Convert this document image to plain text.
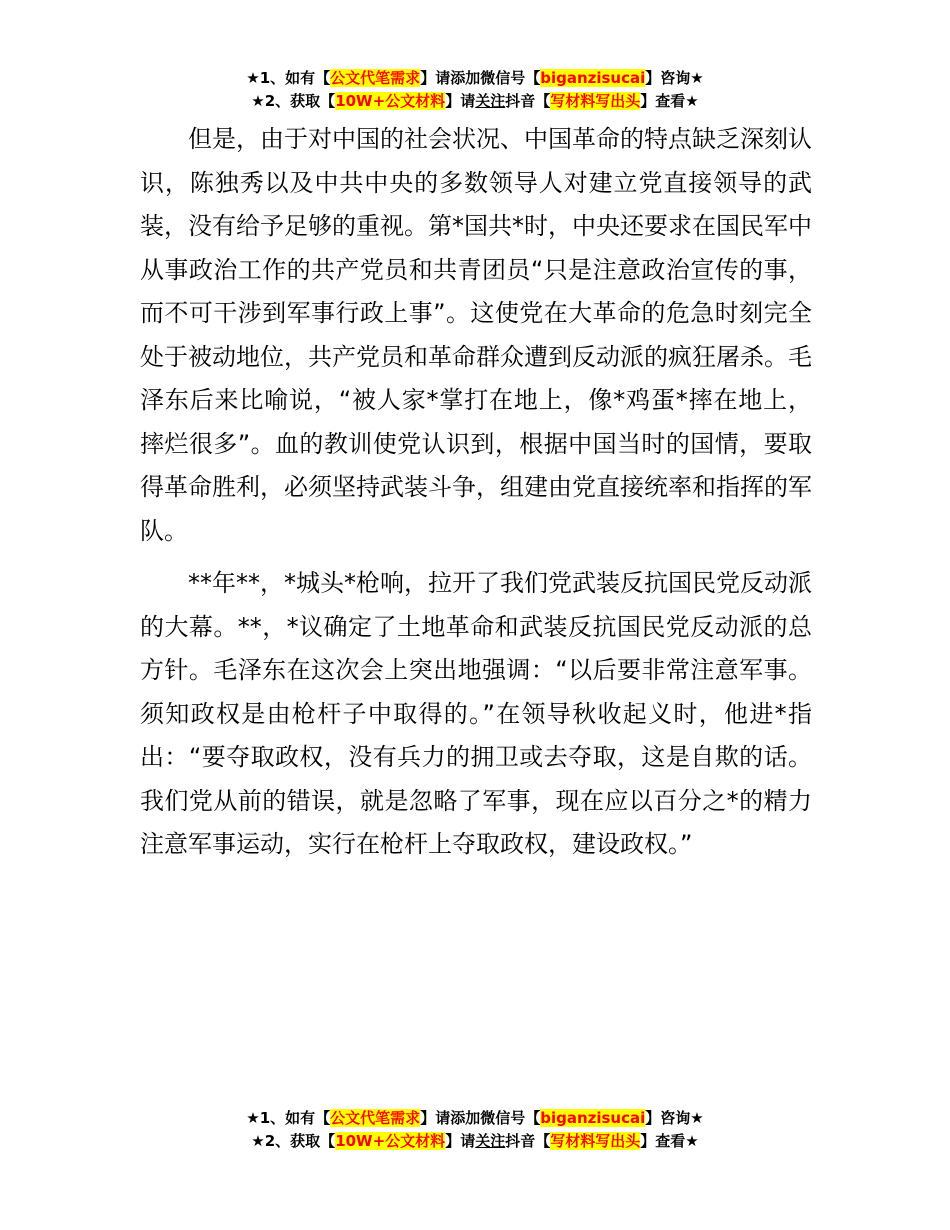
★1、如有【公文代笔需求】请添加微信号【biganzisucai】咨询★
★2、获取【10W+公文材料】请关注抖音【写材料写出头】查看★

但是，由于对中国的社会状况、中国革命的特点缺乏深刻认识，陈独秀以及中共中央的多数领导人对建立党直接领导的武装，没有给予足够的重视。第*国共*时，中央还要求在国民军中从事政治工作的共产党员和共青团员“只是注意政治宣传的事，而不可干涉到军事行政上事”。这使党在大革命的危急时刻完全处于被动地位，共产党员和革命群众遭到反动派的疯狂屠杀。毛泽东后来比喻说，“被人家*掌打在地上，像*鸡蛋*摔在地上，摔烂很多”。血的教训使党认识到，根据中国当时的国情，要取得革命胜利，必须坚持武装斗争，组建由党直接统率和指挥的军队。

**年**，*城头*枪响，拉开了我们党武装反抗国民党反动派的大幕。**，*议确定了土地革命和武装反抗国民党反动派的总方针。毛泽东在这次会上突出地强调：“以后要非常注意军事。须知政权是由枪杆子中取得的。”在领导秋收起义时，他进*指出：“要夺取政权，没有兵力的拥卫或去夺取，这是自欺的话。我们党从前的错误，就是忽略了军事，现在应以百分之*的精力注意军事运动，实行在枪杆上夺取政权，建设政权。”

★1、如有【公文代笔需求】请添加微信号【biganzisucai】咨询★
★2、获取【10W+公文材料】请关注抖音【写材料写出头】查看★
